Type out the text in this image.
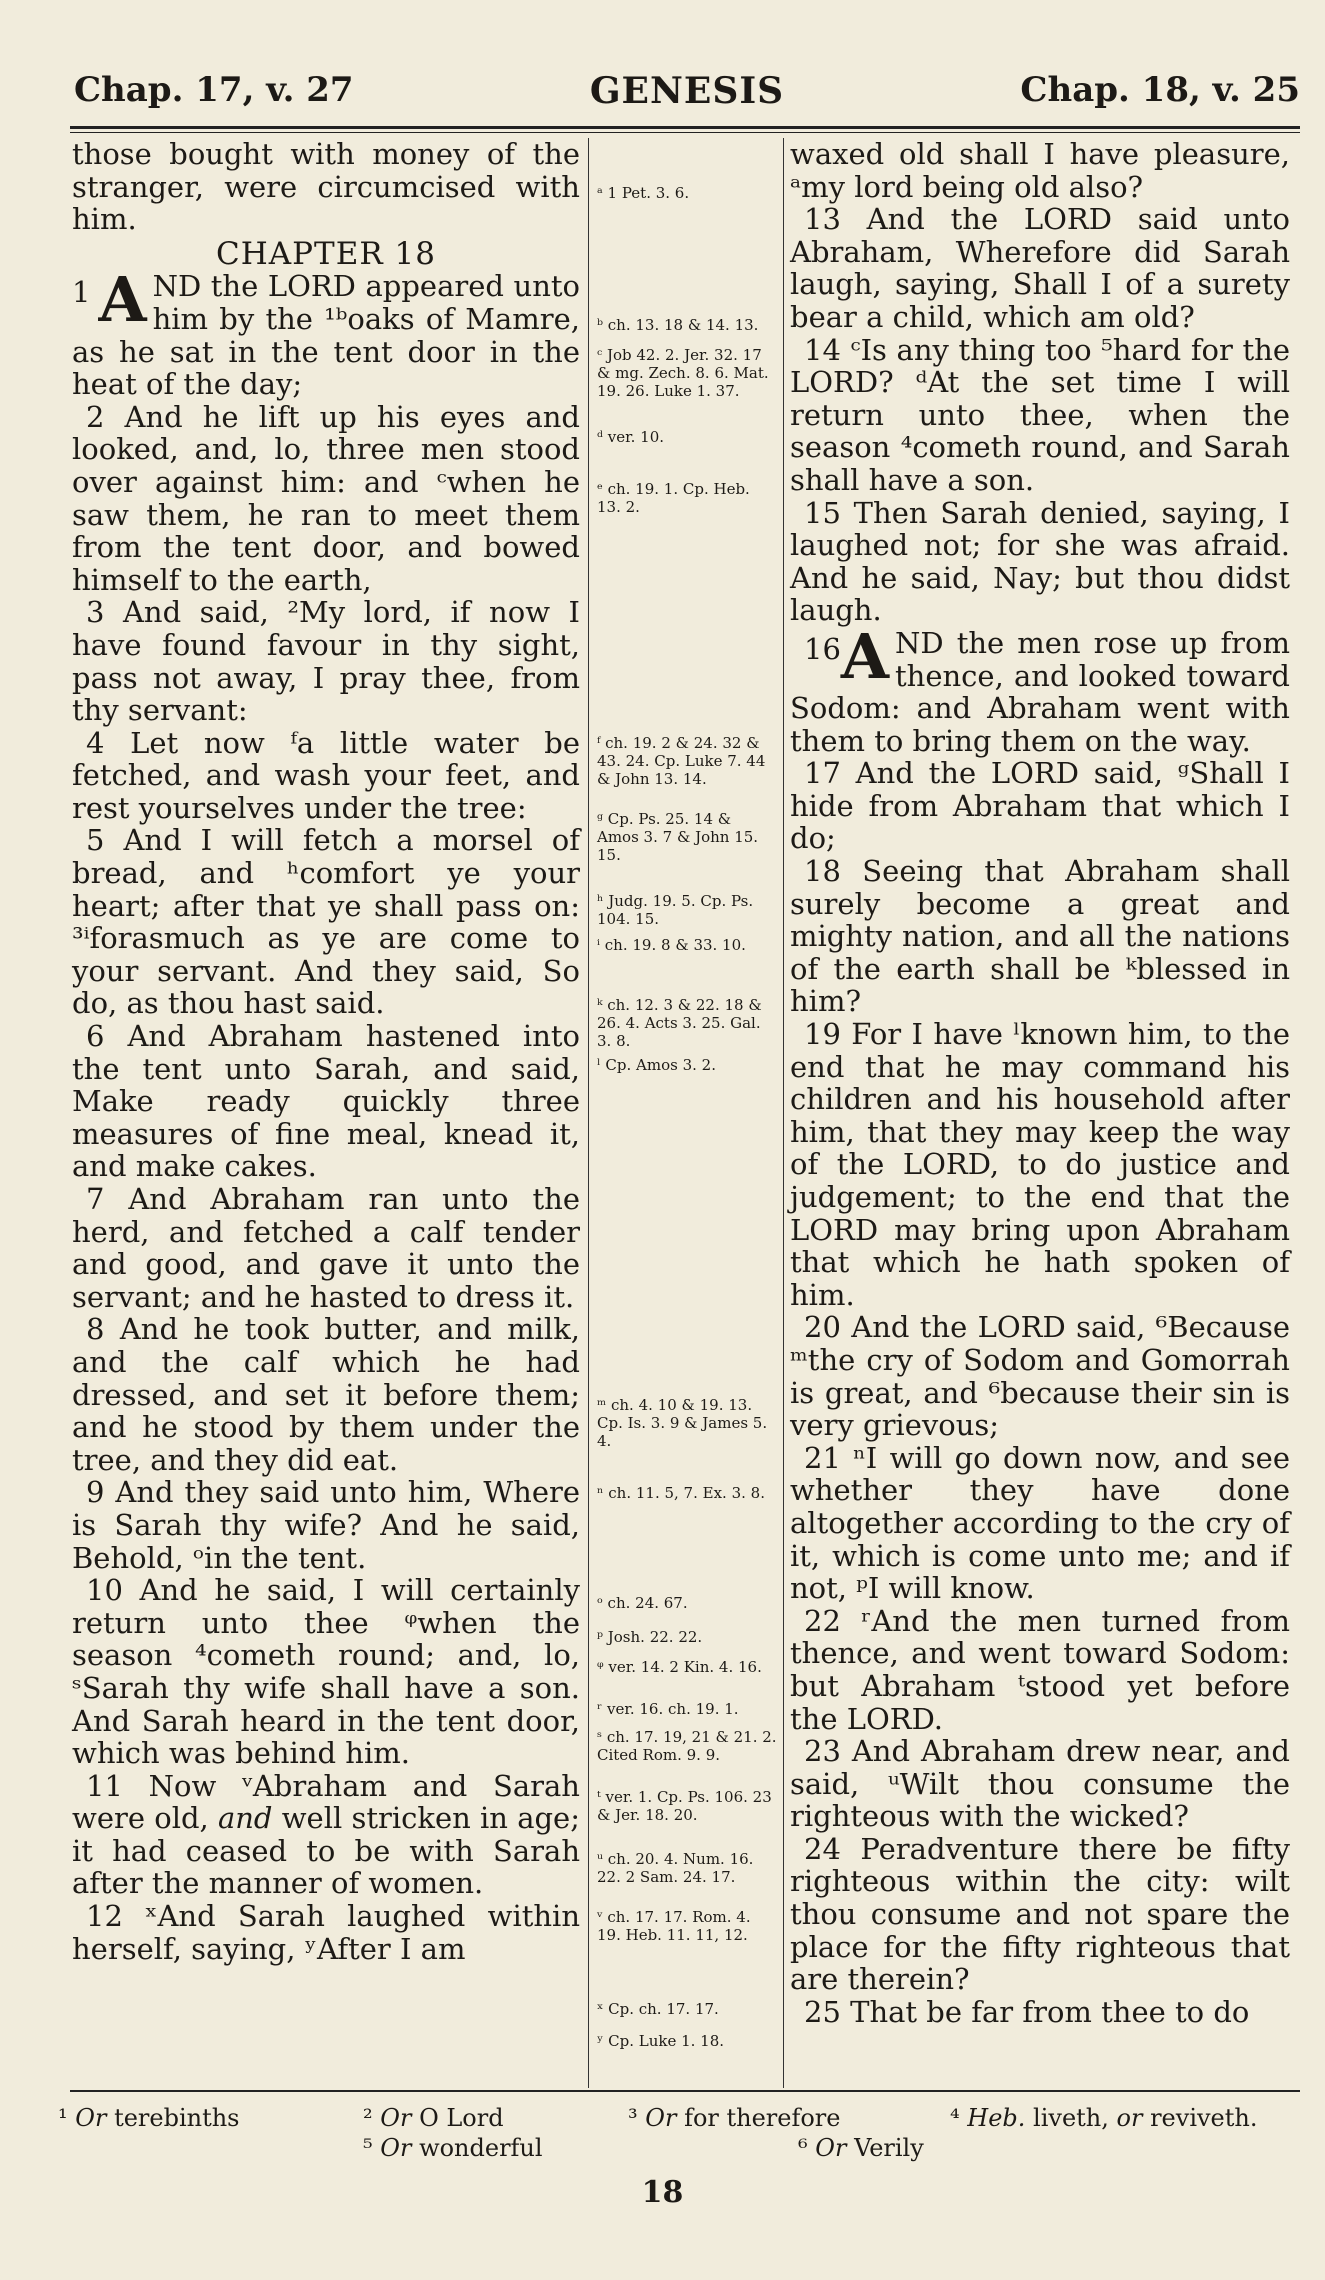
Chap. 17, v. 27	GENESIS	Chap. 18, v. 25

those bought with money of the stranger, were circumcised with him.

CHAPTER 18

1 A ND the LORD appeared unto him by the ¹ᵇoaks of Mamre, as he sat in the tent door in the heat of the day;

2 And he lift up his eyes and looked, and, lo, three men stood over against him: and ᶜwhen he saw them, he ran to meet them from the tent door, and bowed himself to the earth,

3 And said, ²My lord, if now I have found favour in thy sight, pass not away, I pray thee, from thy servant:

4 Let now ᶠa little water be fetched, and wash your feet, and rest yourselves under the tree:

5 And I will fetch a morsel of bread, and ʰcomfort ye your heart; after that ye shall pass on: ³ⁱforasmuch as ye are come to your servant. And they said, So do, as thou hast said.

6 And Abraham hastened into the tent unto Sarah, and said, Make ready quickly three measures of fine meal, knead it, and make cakes.

7 And Abraham ran unto the herd, and fetched a calf tender and good, and gave it unto the servant; and he hasted to dress it.

8 And he took butter, and milk, and the calf which he had dressed, and set it before them; and he stood by them under the tree, and they did eat.

9 And they said unto him, Where is Sarah thy wife? And he said, Behold, ᵒin the tent.

10 And he said, I will certainly return unto thee ᵠwhen the season ⁴cometh round; and, lo, ˢSarah thy wife shall have a son. And Sarah heard in the tent door, which was behind him.

11 Now ᵛAbraham and Sarah were old, and well stricken in age; it had ceased to be with Sarah after the manner of women.

12 ˣAnd Sarah laughed within herself, saying, ʸAfter I am

ᵃ 1 Pet. 3. 6.
ᵇ ch. 13. 18 & 14. 13.
ᶜ Job 42. 2. Jer. 32. 17 & mg. Zech. 8. 6. Mat. 19. 26. Luke 1. 37.
ᵈ ver. 10.
ᵉ ch. 19. 1. Cp. Heb. 13. 2.
ᶠ ch. 19. 2 & 24. 32 & 43. 24. Cp. Luke 7. 44 & John 13. 14.
ᵍ Cp. Ps. 25. 14 & Amos 3. 7 & John 15. 15.
ʰ Judg. 19. 5. Cp. Ps. 104. 15.
ⁱ ch. 19. 8 & 33. 10.
ᵏ ch. 12. 3 & 22. 18 & 26. 4. Acts 3. 25. Gal. 3. 8.
ˡ Cp. Amos 3. 2.
ᵐ ch. 4. 10 & 19. 13. Cp. Is. 3. 9 & James 5. 4.
ⁿ ch. 11. 5, 7. Ex. 3. 8.
ᵒ ch. 24. 67.
ᵖ Josh. 22. 22.
ᵠ ver. 14. 2 Kin. 4. 16.
ʳ ver. 16. ch. 19. 1.
ˢ ch. 17. 19, 21 & 21. 2. Cited Rom. 9. 9.
ᵗ ver. 1. Cp. Ps. 106. 23 & Jer. 18. 20.
ᵘ ch. 20. 4. Num. 16. 22. 2 Sam. 24. 17.
ᵛ ch. 17. 17. Rom. 4. 19. Heb. 11. 11, 12.
ˣ Cp. ch. 17. 17.
ʸ Cp. Luke 1. 18.

waxed old shall I have pleasure, ᵃmy lord being old also?

13 And the LORD said unto Abraham, Wherefore did Sarah laugh, saying, Shall I of a surety bear a child, which am old?

14 ᶜIs any thing too ⁵hard for the LORD? ᵈAt the set time I will return unto thee, when the season ⁴cometh round, and Sarah shall have a son.

15 Then Sarah denied, saying, I laughed not; for she was afraid. And he said, Nay; but thou didst laugh.

16 A ND the men rose up from thence, and looked toward Sodom: and Abraham went with them to bring them on the way.

17 And the LORD said, ᵍShall I hide from Abraham that which I do;

18 Seeing that Abraham shall surely become a great and mighty nation, and all the nations of the earth shall be ᵏblessed in him?

19 For I have ˡknown him, to the end that he may command his children and his household after him, that they may keep the way of the LORD, to do justice and judgement; to the end that the LORD may bring upon Abraham that which he hath spoken of him.

20 And the LORD said, ⁶Because ᵐthe cry of Sodom and Gomorrah is great, and ⁶because their sin is very grievous;

21 ⁿI will go down now, and see whether they have done altogether according to the cry of it, which is come unto me; and if not, ᵖI will know.

22 ʳAnd the men turned from thence, and went toward Sodom: but Abraham ᵗstood yet before the LORD.

23 And Abraham drew near, and said, ᵘWilt thou consume the righteous with the wicked?

24 Peradventure there be fifty righteous within the city: wilt thou consume and not spare the place for the fifty righteous that are therein?

25 That be far from thee to do

¹ Or terebinths	² Or O Lord
⁵ Or wonderful
³ Or for therefore
⁶ Or Verily
⁴ Heb. liveth, or reviveth.
18
